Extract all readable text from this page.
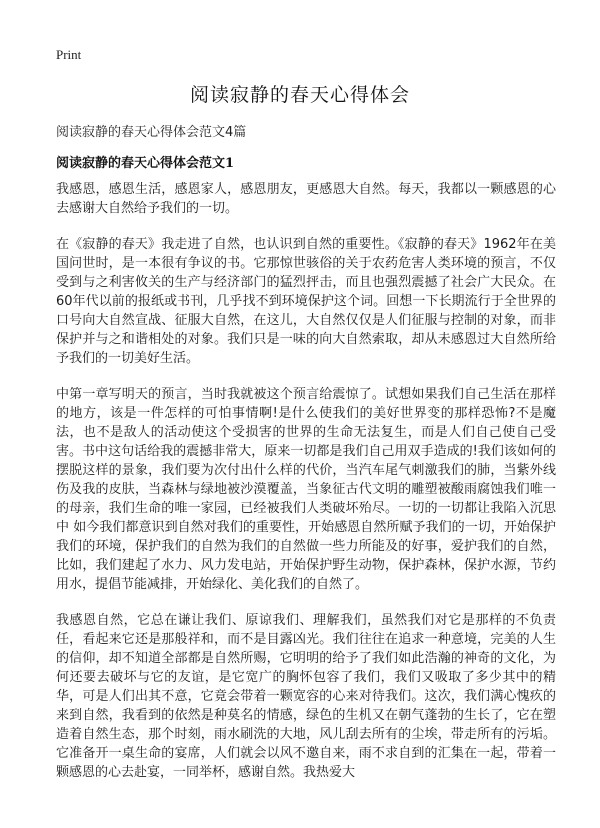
Print
阅读寂静的春天心得体会
阅读寂静的春天心得体会范文4篇
阅读寂静的春天心得体会范文1

我感恩，感恩生活，感恩家人，感恩朋友，更感恩大自然。每天，我都以一颗感恩的心去感谢大自然给予我们的一切。

在《寂静的春天》我走进了自然，也认识到自然的重要性。《寂静的春天》1962年在美国问世时，是一本很有争议的书。它那惊世骇俗的关于农药危害人类环境的预言，不仅受到与之利害攸关的生产与经济部门的猛烈抨击，而且也强烈震撼了社会广大民众。在60年代以前的报纸或书刊，几乎找不到环境保护这个词。回想一下长期流行于全世界的口号向大自然宣战、征服大自然，在这儿，大自然仅仅是人们征服与控制的对象，而非保护并与之和谐相处的对象。我们只是一味的向大自然索取，却从未感恩过大自然所给予我们的一切美好生活。

中第一章写明天的预言，当时我就被这个预言给震惊了。试想如果我们自己生活在那样的地方，该是一件怎样的可怕事情啊!是什么使我们的美好世界变的那样恐怖?不是魔法，也不是敌人的活动使这个受损害的世界的生命无法复生，而是人们自己使自己受害。书中这句话给我的震撼非常大，原来一切都是我们自己用双手造成的!我们该如何的摆脱这样的景象，我们要为次付出什么样的代价，当汽车尾气刺激我们的肺，当紫外线伤及我的皮肤，当森林与绿地被沙漠覆盖，当象征古代文明的雕塑被酸雨腐蚀我们唯一的母亲，我们生命的唯一家园，已经被我们人类破坏殆尽。一切的一切都让我陷入沉思中 如今我们都意识到自然对我们的重要性，开始感恩自然所赋予我们的一切，开始保护我们的环境，保护我们的自然为我们的自然做一些力所能及的好事，爱护我们的自然，比如，我们建起了水力、风力发电站，开始保护野生动物，保护森林，保护水源，节约用水，提倡节能减排，开始绿化、美化我们的自然了。

我感恩自然，它总在谦让我们、原谅我们、理解我们，虽然我们对它是那样的不负责任，看起来它还是那般祥和，而不是目露凶光。我们往往在追求一种意境，完美的人生的信仰，却不知道全部都是自然所赐，它明明的给予了我们如此浩瀚的神奇的文化，为何还要去破坏与它的友谊，是它宽广的胸怀包容了我们，我们又吸取了多少其中的精华，可是人们出其不意，它竟会带着一颗宽容的心来对待我们。这次，我们满心愧疚的来到自然，我看到的依然是种莫名的情感，绿色的生机又在朝气蓬勃的生长了，它在塑造着自然生态，那个时刻，雨水刷洗的大地，风儿刮去所有的尘埃，带走所有的污垢。它准备开一桌生命的宴席，人们就会以风不邀自来，雨不求自到的汇集在一起，带着一颗感恩的心去赴宴，一同举杯，感谢自然。我热爱大
